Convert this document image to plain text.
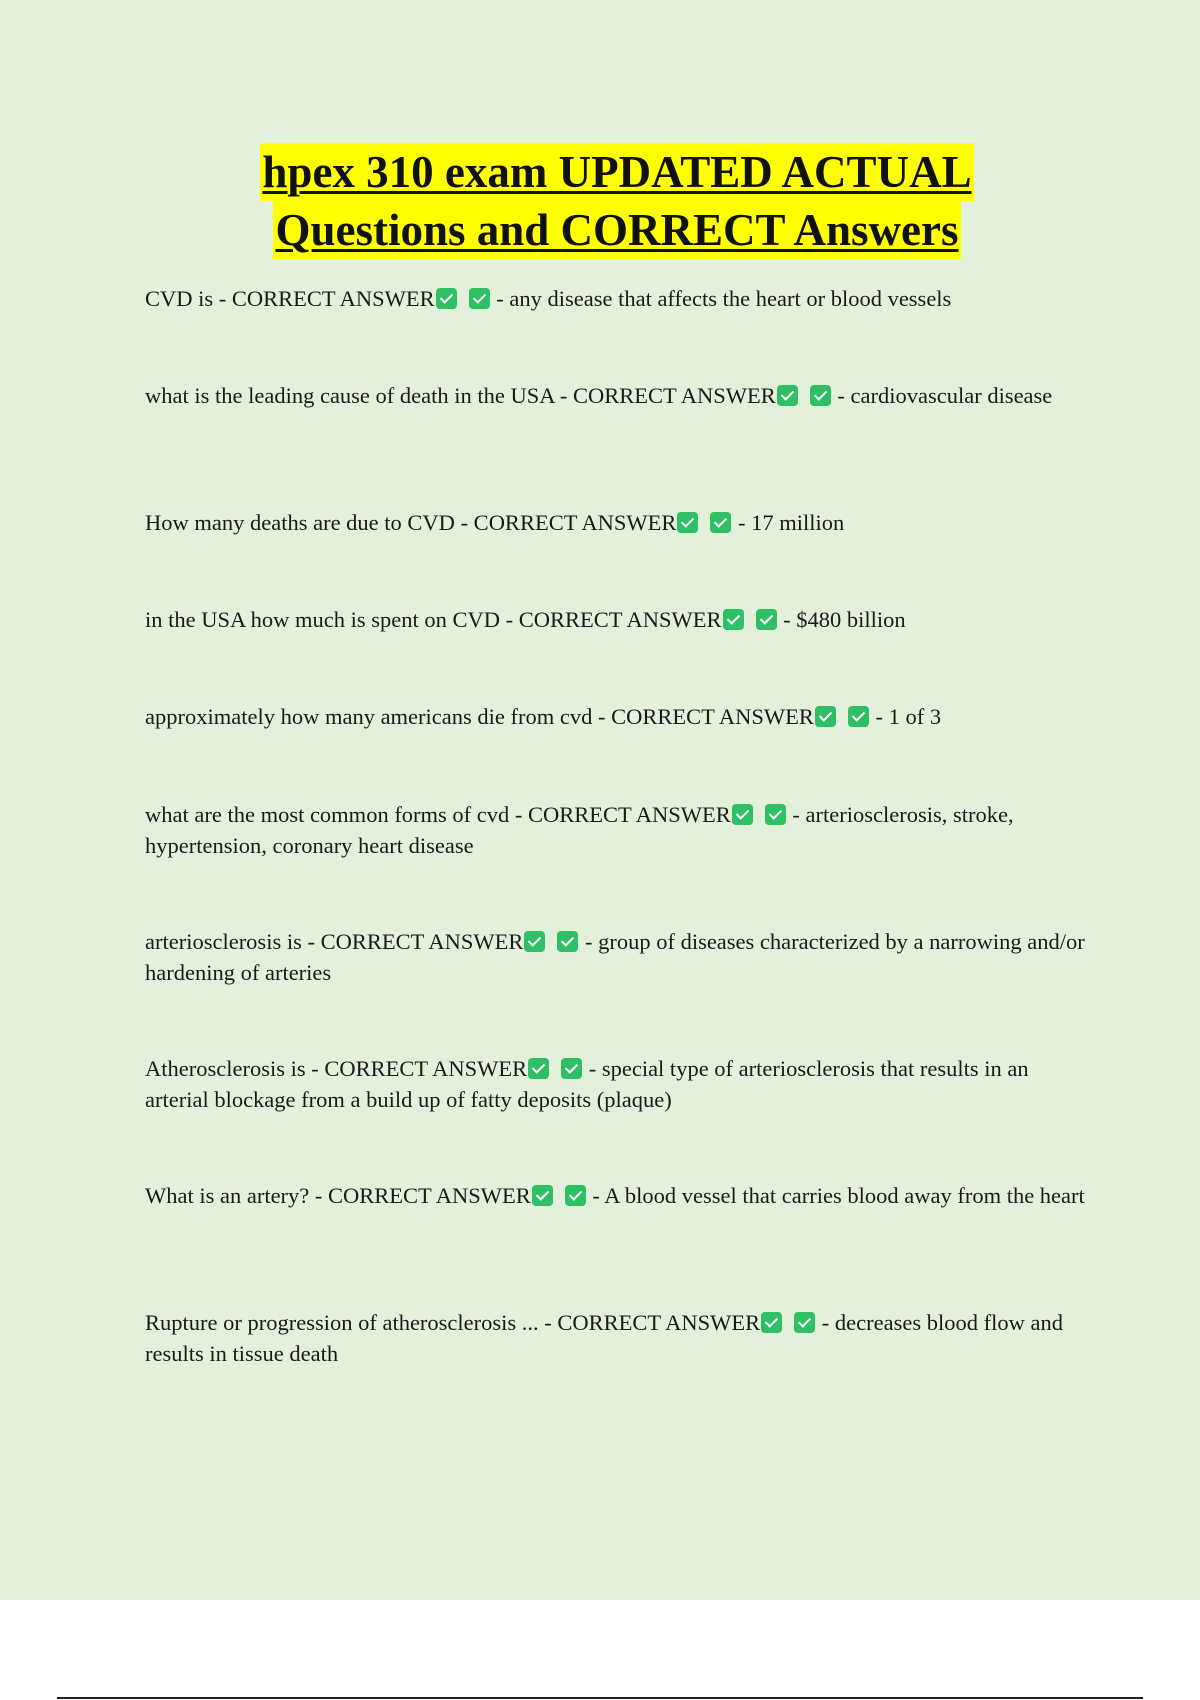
hpex 310 exam UPDATED ACTUAL
Questions and CORRECT Answers
CVD is - CORRECT ANSWER - any disease that affects the heart or blood vessels
what is the leading cause of death in the USA - CORRECT ANSWER - cardiovascular disease
How many deaths are due to CVD - CORRECT ANSWER - 17 million
in the USA how much is spent on CVD - CORRECT ANSWER - $480 billion
approximately how many americans die from cvd - CORRECT ANSWER - 1 of 3
what are the most common forms of cvd - CORRECT ANSWER - arteriosclerosis, stroke, hypertension, coronary heart disease
arteriosclerosis is - CORRECT ANSWER - group of diseases characterized by a narrowing and/or hardening of arteries
Atherosclerosis is - CORRECT ANSWER - special type of arteriosclerosis that results in an arterial blockage from a build up of fatty deposits (plaque)
What is an artery? - CORRECT ANSWER - A blood vessel that carries blood away from the heart
Rupture or progression of atherosclerosis ... - CORRECT ANSWER - decreases blood flow and results in tissue death
